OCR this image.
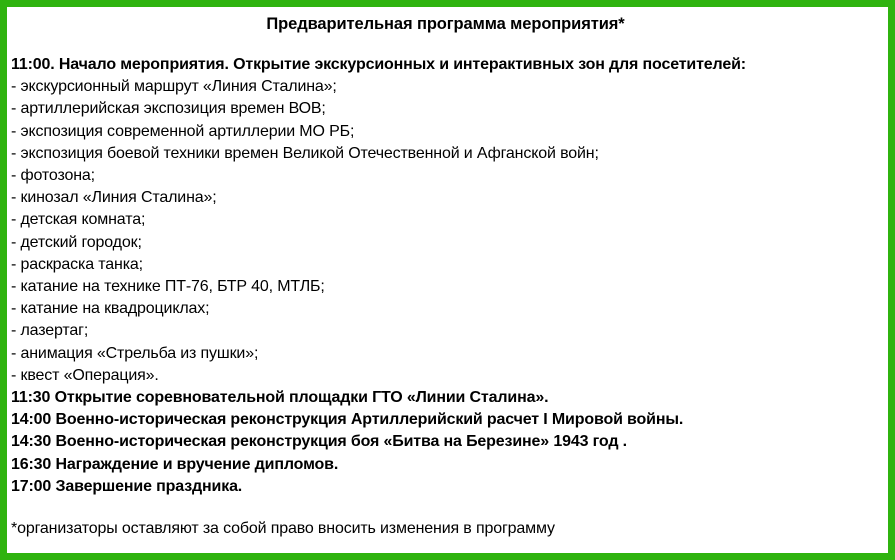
Предварительная программа мероприятия*
11:00. Начало мероприятия. Открытие экскурсионных и интерактивных зон для посетителей:
- экскурсионный маршрут «Линия Сталина»;
- артиллерийская экспозиция времен ВОВ;
- экспозиция современной артиллерии МО РБ;
- экспозиция боевой техники времен Великой Отечественной и Афганской войн;
- фотозона;
- кинозал «Линия Сталина»;
- детская комната;
- детский городок;
- раскраска танка;
- катание на технике ПТ-76, БТР 40, МТЛБ;
- катание на квадроциклах;
- лазертаг;
- анимация «Стрельба из пушки»;
- квест «Операция».
11:30 Открытие соревновательной площадки ГТО «Линии Сталина».
14:00 Военно-историческая реконструкция Артиллерийский расчет I Мировой войны.
14:30 Военно-историческая реконструкция боя «Битва на Березине» 1943 год .
16:30 Награждение и вручение дипломов.
17:00 Завершение праздника.
*организаторы оставляют за собой право вносить изменения в программу
